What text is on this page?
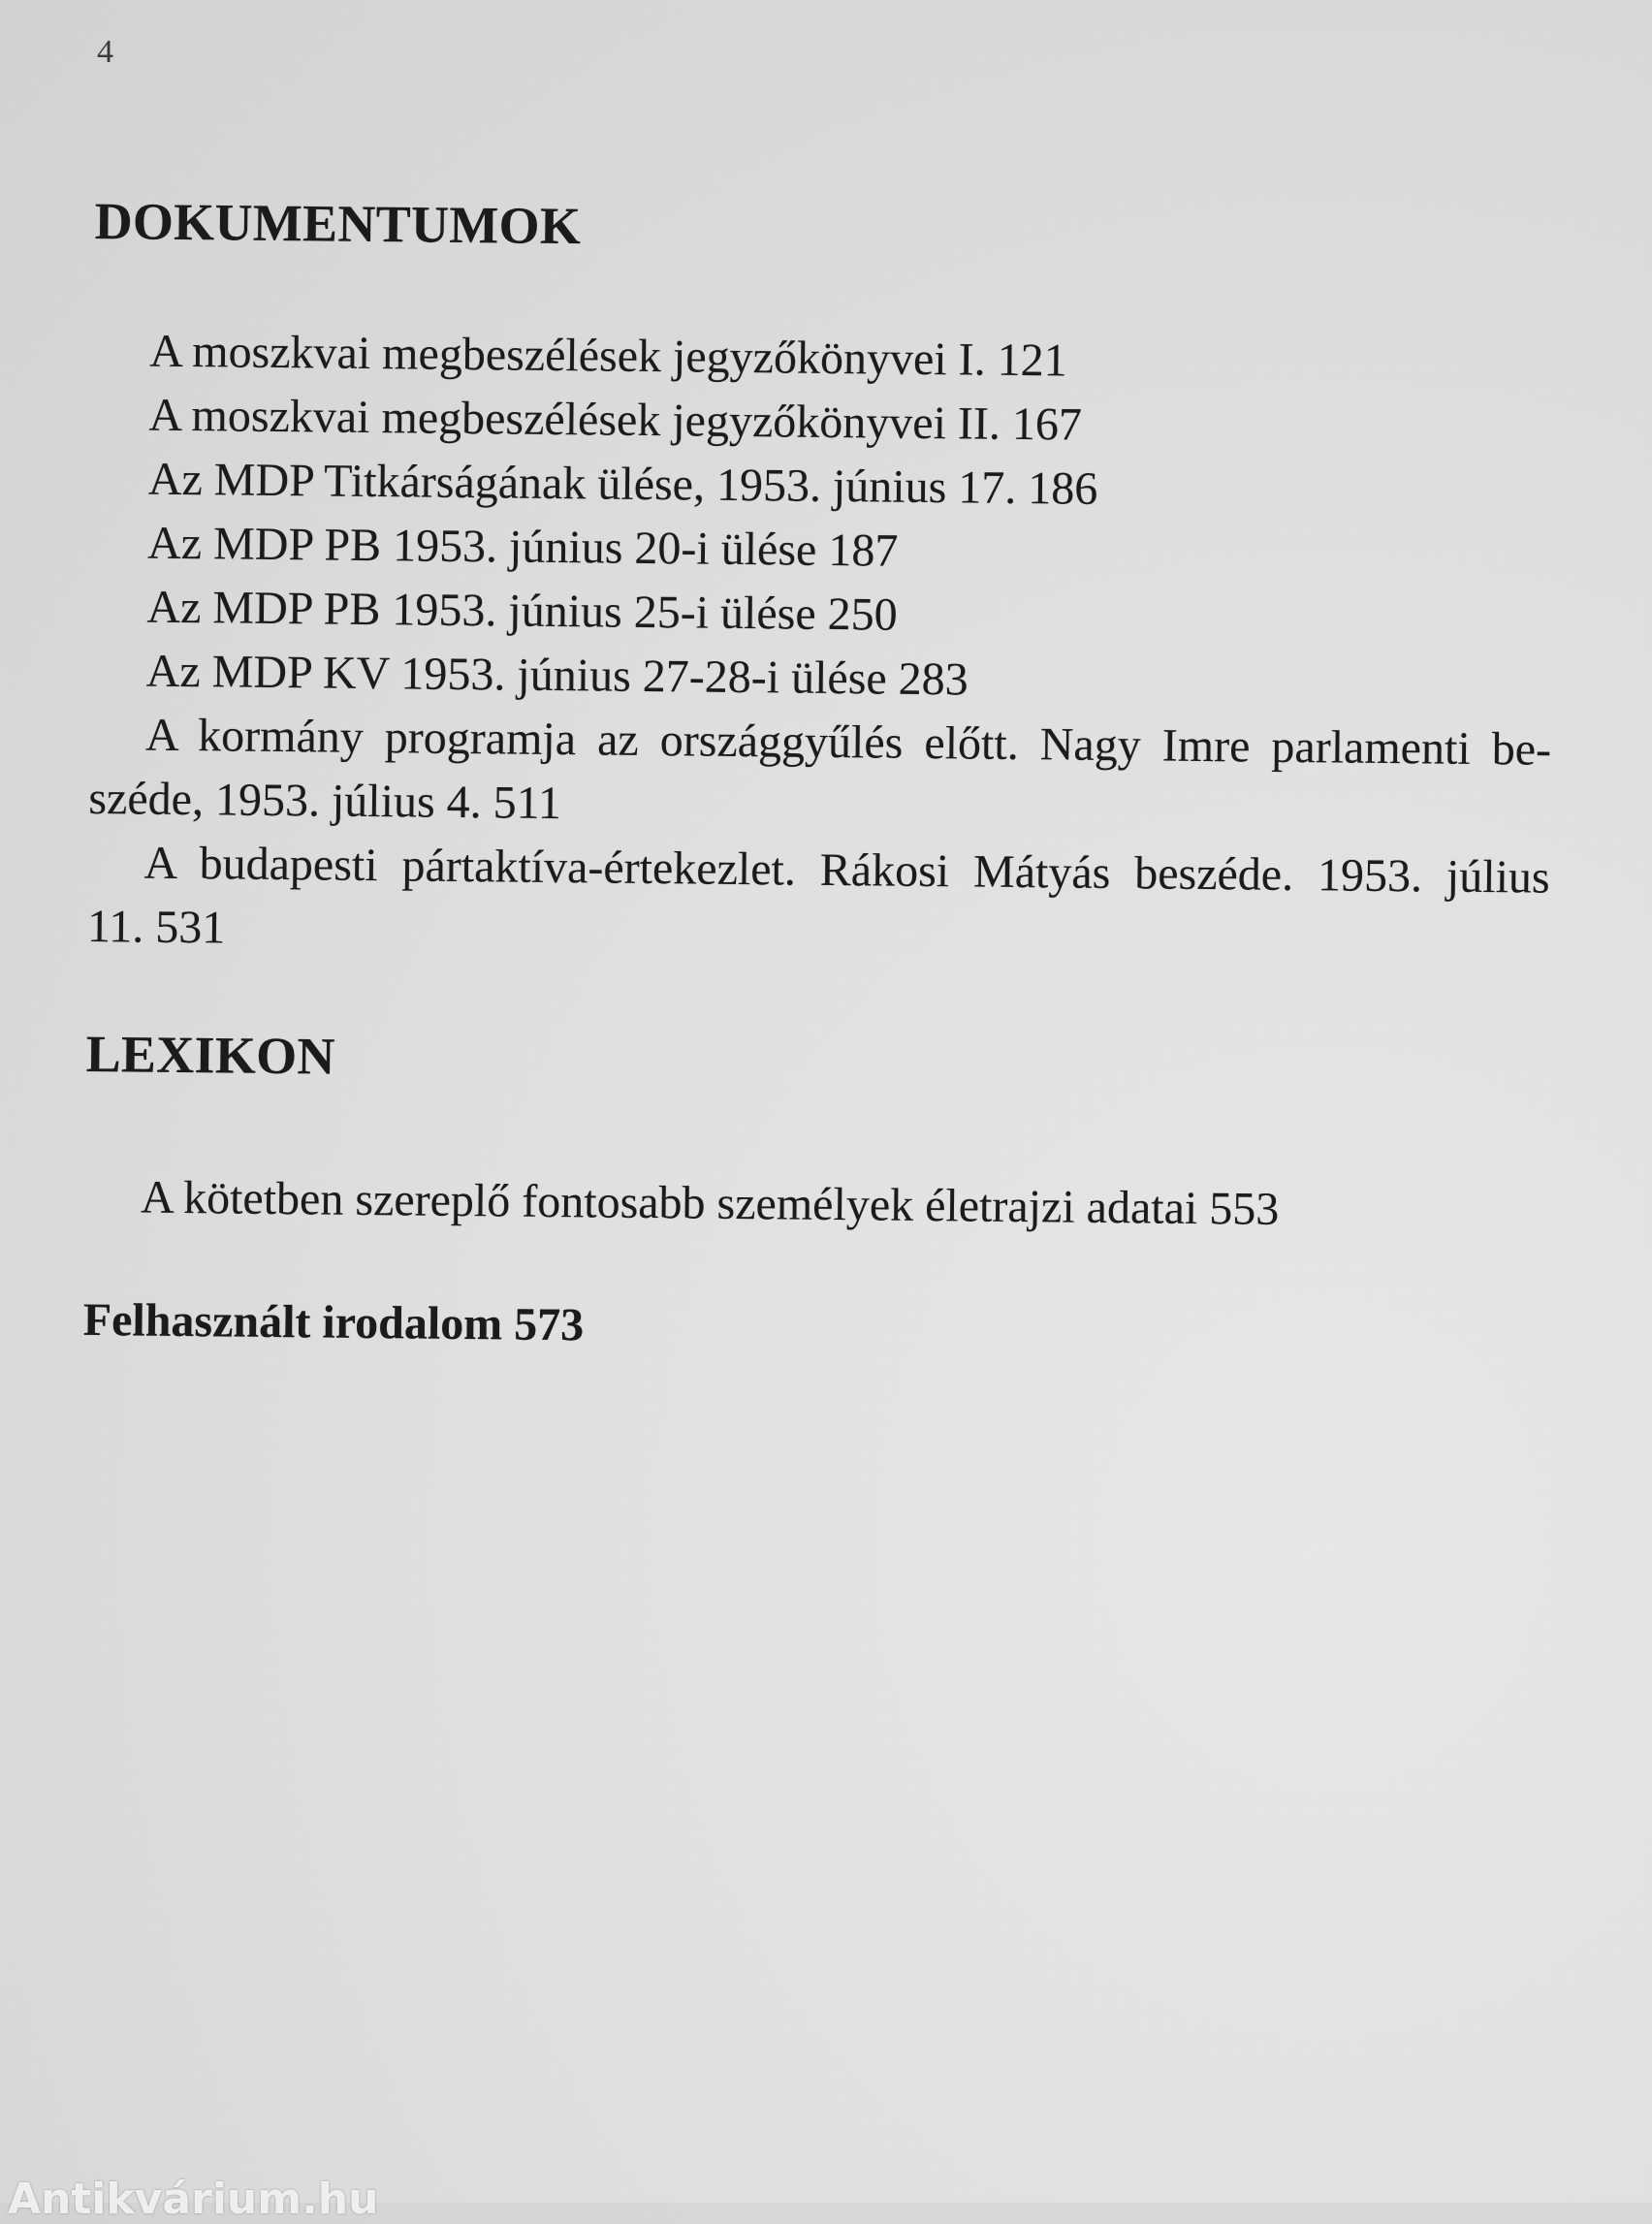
4
DOKUMENTUMOK
A moszkvai megbeszélések jegyzőkönyvei I. 121
A moszkvai megbeszélések jegyzőkönyvei II. 167
Az MDP Titkárságának ülése, 1953. június 17. 186
Az MDP PB 1953. június 20-i ülése 187
Az MDP PB 1953. június 25-i ülése 250
Az MDP KV 1953. június 27-28-i ülése 283
A kormány programja az országgyűlés előtt. Nagy Imre parlamenti be-
széde, 1953. július 4. 511
A budapesti pártaktíva-értekezlet. Rákosi Mátyás beszéde. 1953. július
11. 531
LEXIKON
A kötetben szereplő fontosabb személyek életrajzi adatai 553
Felhasznált irodalom 573
Antikvárium.hu
